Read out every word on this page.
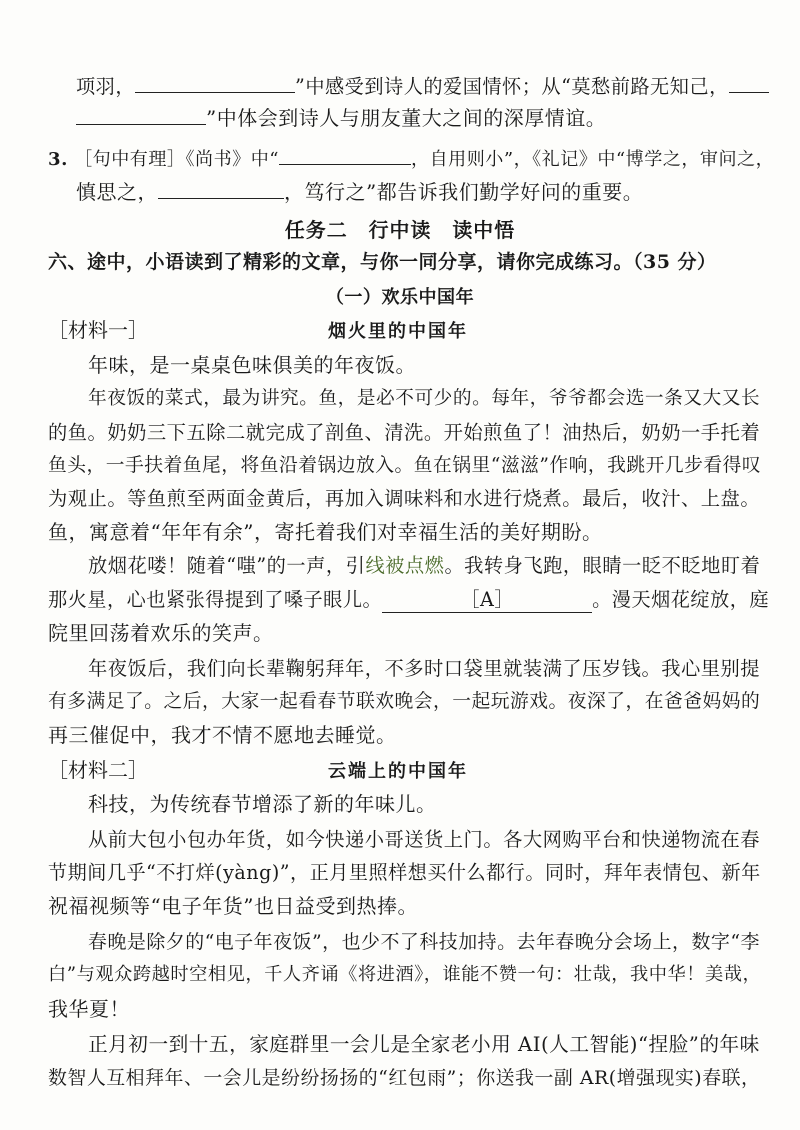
项羽，	”中感受到诗人的爱国情怀；从“莫愁前路无知己，
”中体会到诗人与朋友董大之间的深厚情谊。
3. ［句中有理］《尚书》中“	，自用则小”，《礼记》中“博学之，审问之，
慎思之，	，笃行之”都告诉我们勤学好问的重要。
任务二　行中读　读中悟
六、途中，小语读到了精彩的文章，与你一同分享，请你完成练习。（35 分）
（一）欢乐中国年
［材料一］	烟火里的中国年
年味，是一桌桌色味俱美的年夜饭。
年夜饭的菜式，最为讲究。鱼，是必不可少的。每年，爷爷都会选一条又大又长
的鱼。奶奶三下五除二就完成了剖鱼、清洗。开始煎鱼了！油热后，奶奶一手托着
鱼头，一手扶着鱼尾，将鱼沿着锅边放入。鱼在锅里“滋滋”作响，我跳开几步看得叹
为观止。等鱼煎至两面金黄后，再加入调味料和水进行烧煮。最后，收汁、上盘。
鱼，寓意着“年年有余”，寄托着我们对幸福生活的美好期盼。
放烟花喽！随着“嗤”的一声，引线被点燃。我转身飞跑，眼睛一眨不眨地盯着
那火星，心也紧张得提到了嗓子眼儿。	［A］	。漫天烟花绽放，庭
院里回荡着欢乐的笑声。
年夜饭后，我们向长辈鞠躬拜年，不多时口袋里就装满了压岁钱。我心里别提
有多满足了。之后，大家一起看春节联欢晚会，一起玩游戏。夜深了，在爸爸妈妈的
再三催促中，我才不情不愿地去睡觉。
［材料二］	云端上的中国年
科技，为传统春节增添了新的年味儿。
从前大包小包办年货，如今快递小哥送货上门。各大网购平台和快递物流在春
节期间几乎“不打烊(yàng)”，正月里照样想买什么都行。同时，拜年表情包、新年
祝福视频等“电子年货”也日益受到热捧。
春晚是除夕的“电子年夜饭”，也少不了科技加持。去年春晚分会场上，数字“李
白”与观众跨越时空相见，千人齐诵《将进酒》，谁能不赞一句：壮哉，我中华！美哉，
我华夏！
正月初一到十五，家庭群里一会儿是全家老小用 AI(人工智能)“捏脸”的年味
数智人互相拜年、一会儿是纷纷扬扬的“红包雨”；你送我一副 AR(增强现实)春联，
